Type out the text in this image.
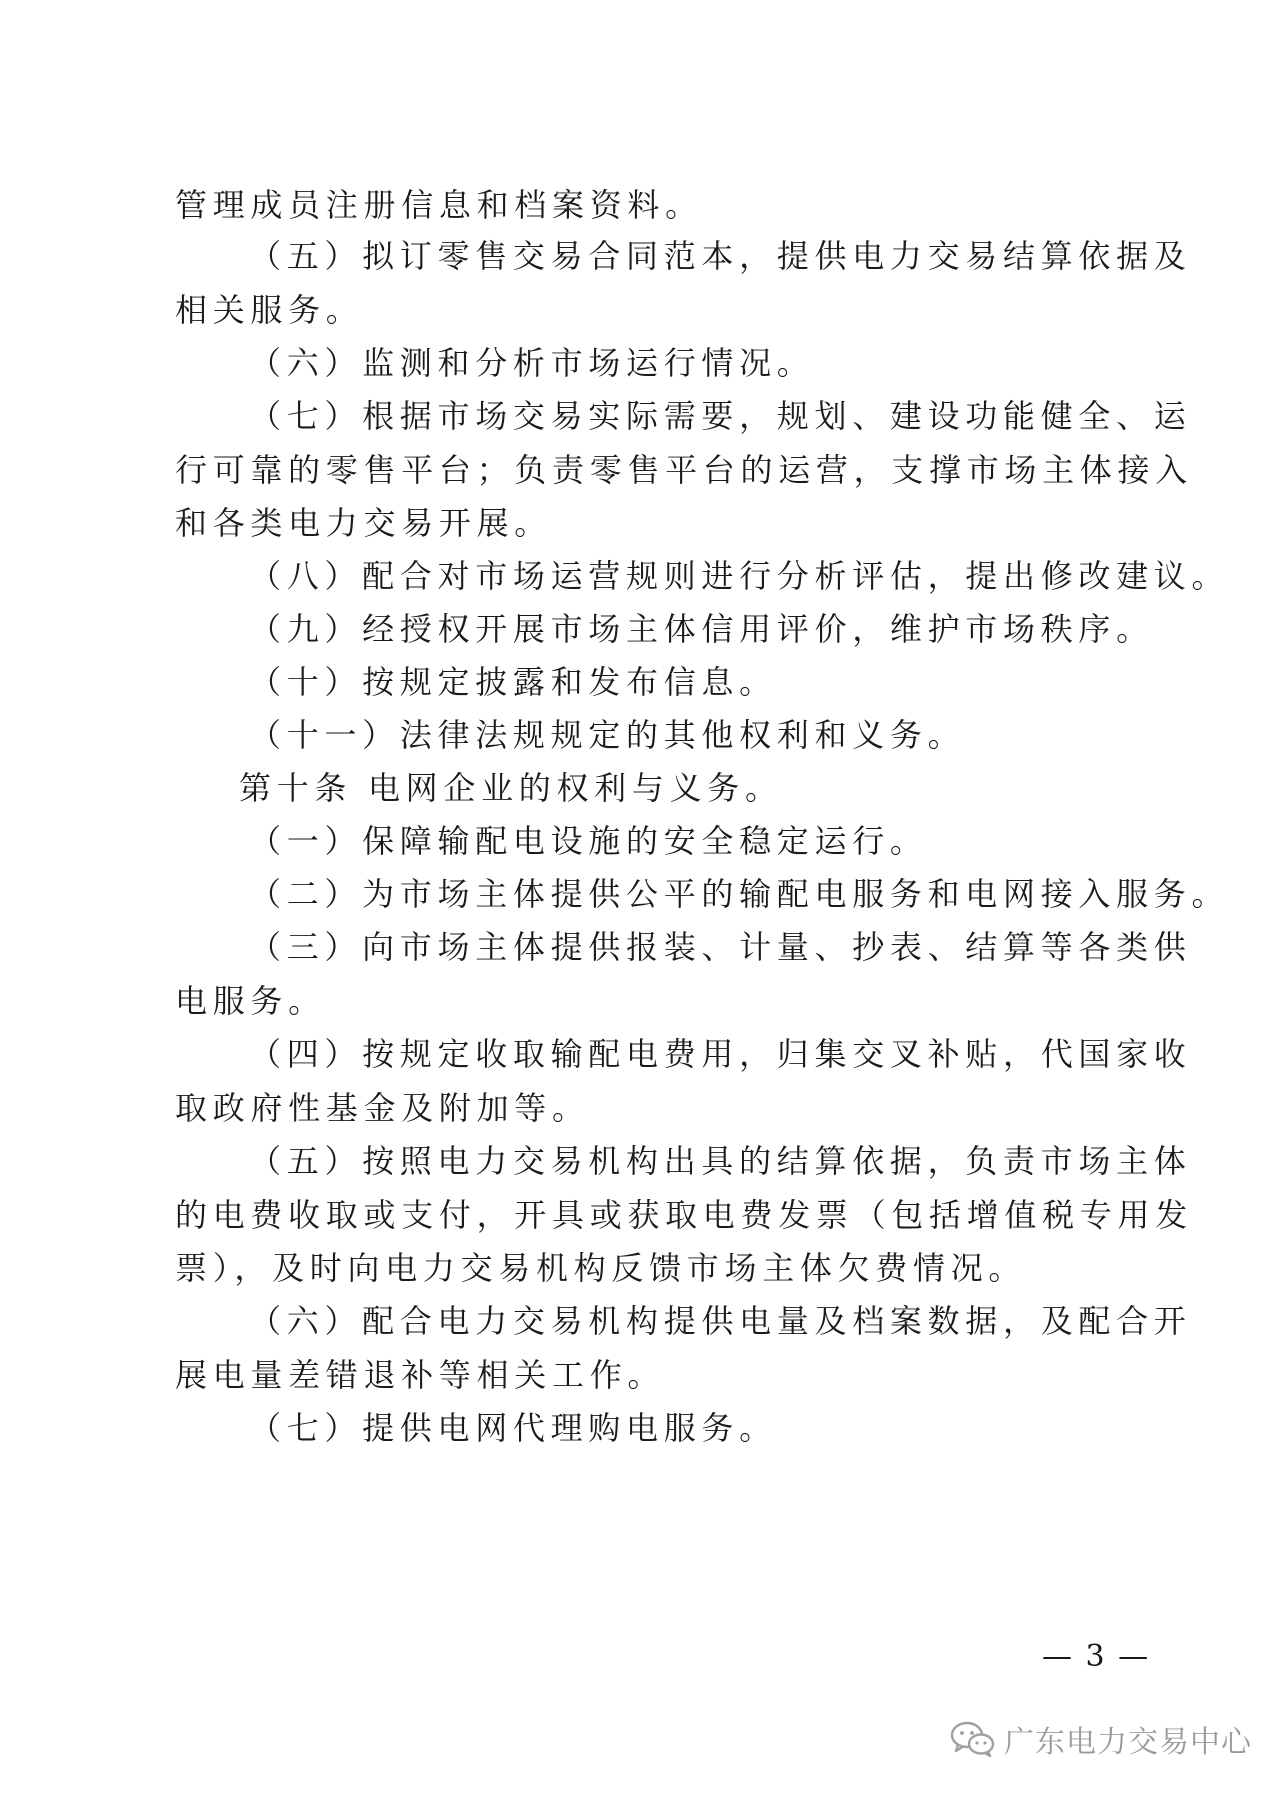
管理成员注册信息和档案资料。

（五）拟订零售交易合同范本，提供电力交易结算依据及
相关服务。
（六）监测和分析市场运行情况。
（七）根据市场交易实际需要，规划、建设功能健全、运
行可靠的零售平台；负责零售平台的运营，支撑市场主体接入
和各类电力交易开展。
（八）配合对市场运营规则进行分析评估，提出修改建议。
（九）经授权开展市场主体信用评价，维护市场秩序。
（十）按规定披露和发布信息。
（十一）法律法规规定的其他权利和义务。
第十条 电网企业的权利与义务。
（一）保障输配电设施的安全稳定运行。
（二）为市场主体提供公平的输配电服务和电网接入服务。
（三）向市场主体提供报装、计量、抄表、结算等各类供
电服务。
（四）按规定收取输配电费用，归集交叉补贴，代国家收
取政府性基金及附加等。
（五）按照电力交易机构出具的结算依据，负责市场主体
的电费收取或支付，开具或获取电费发票（包括增值税专用发
票），及时向电力交易机构反馈市场主体欠费情况。
（六）配合电力交易机构提供电量及档案数据，及配合开
展电量差错退补等相关工作。
（七）提供电网代理购电服务。
— 3 —
广东电力交易中心
